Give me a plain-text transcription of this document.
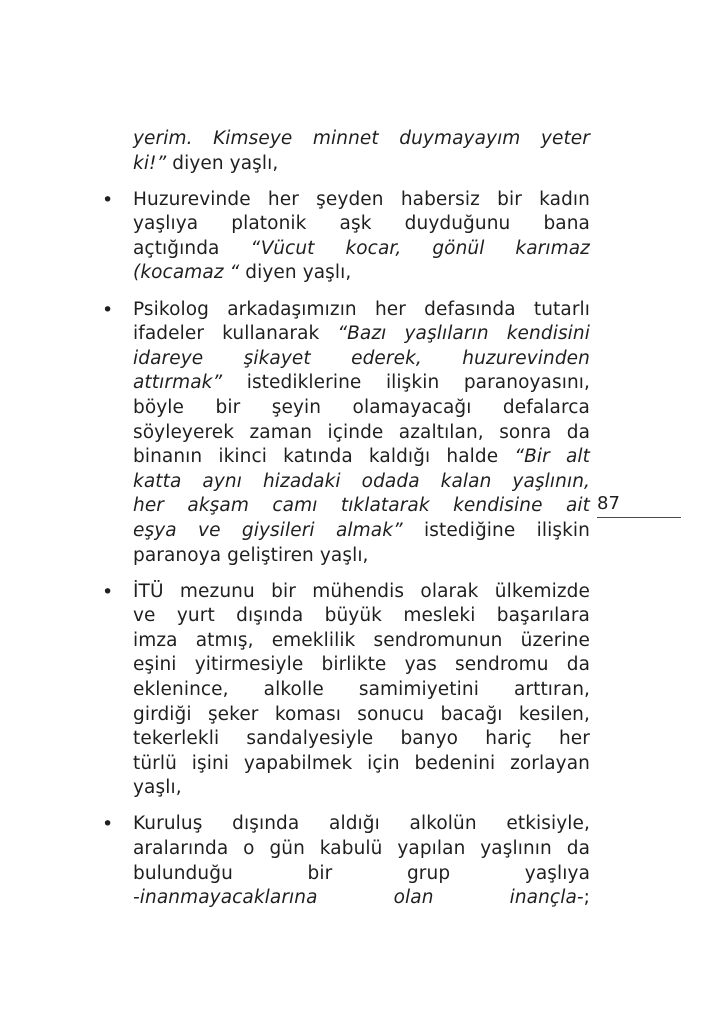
yerim. Kimseye minnet duymayayım yeter
ki!” diyen yaşlı,
• Huzurevinde her şeyden habersiz bir kadın
yaşlıya platonik aşk duyduğunu bana
açtığında “Vücut kocar, gönül karımaz
(kocamaz “ diyen yaşlı,
• Psikolog arkadaşımızın her defasında tutarlı
ifadeler kullanarak “Bazı yaşlıların kendisini
idareye şikayet ederek, huzurevinden
attırmak” istediklerine ilişkin paranoyasını,
böyle bir şeyin olamayacağı defalarca
söyleyerek zaman içinde azaltılan, sonra da
binanın ikinci katında kaldığı halde “Bir alt
katta aynı hizadaki odada kalan yaşlının,
her akşam camı tıklatarak kendisine ait
eşya ve giysileri almak” istediğine ilişkin
paranoya geliştiren yaşlı,
• İTÜ mezunu bir mühendis olarak ülkemizde
ve yurt dışında büyük mesleki başarılara
imza atmış, emeklilik sendromunun üzerine
eşini yitirmesiyle birlikte yas sendromu da
eklenince, alkolle samimiyetini arttıran,
girdiği şeker koması sonucu bacağı kesilen,
tekerlekli sandalyesiyle banyo hariç her
türlü işini yapabilmek için bedenini zorlayan
yaşlı,
• Kuruluş dışında aldığı alkolün etkisiyle,
aralarında o gün kabulü yapılan yaşlının da
bulunduğu bir grup yaşlıya
-inanmayacaklarına olan inançla-;
87
